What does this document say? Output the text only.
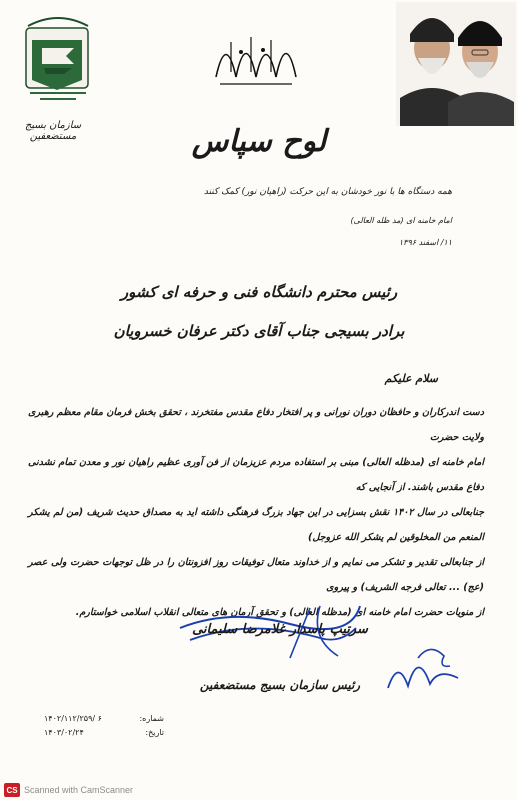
سازمان بسیج مستضعفین	لوح سپاس
همه دستگاه ها با نور خودشان به این حرکت (راهیان نور) کمک کنند
امام خامنه ای (مد ظله العالی)
۱۱/ اسفند ۱۳۹۶
رئیس محترم دانشگاه فنی و حرفه ای کشور
برادر بسیجی جناب آقای دکتر عرفان خسرویان
سلام علیکم

دست اندرکاران و حافظان دوران نورانی و پر افتخار دفاع مقدس مفتخرند ، تحقق بخش فرمان مقام معظم رهبری ولایت حضرت

امام خامنه ای (مدظله العالی) مبنی بر استفاده مردم عزیزمان از فن آوری عظیم راهیان نور و معدن تمام نشدنی دفاع مقدس باشند. از آنجایی که

جنابعالی در سال ۱۴۰۲ نقش بسزایی در این جهاد بزرگ فرهنگی داشته اید به مصداق حدیث شریف (من لم یشکر المنعم من المخلوقین لم یشکر الله عزوجل)

از جنابعالی تقدیر و تشکر می نمایم و از خداوند متعال توفیقات روز افزونتان را در ظل توجهات حضرت ولی عصر (عج) ... تعالی فرجه الشریف) و پیروی

از منویات حضرت امام خامنه ای (مدظله العالی) و تحقق آرمان های متعالی انقلاب اسلامی خواستارم.

سرتیپ پاسدار غلامرضا سلیمانی
رئیس سازمان بسیج مستضعفین
۱۴۰۲/۱۱۲/۲۵۹/ ۶	شماره:
۱۴۰۳/۰۲/۲۴	تاریخ:
CS Scanned with CamScanner
